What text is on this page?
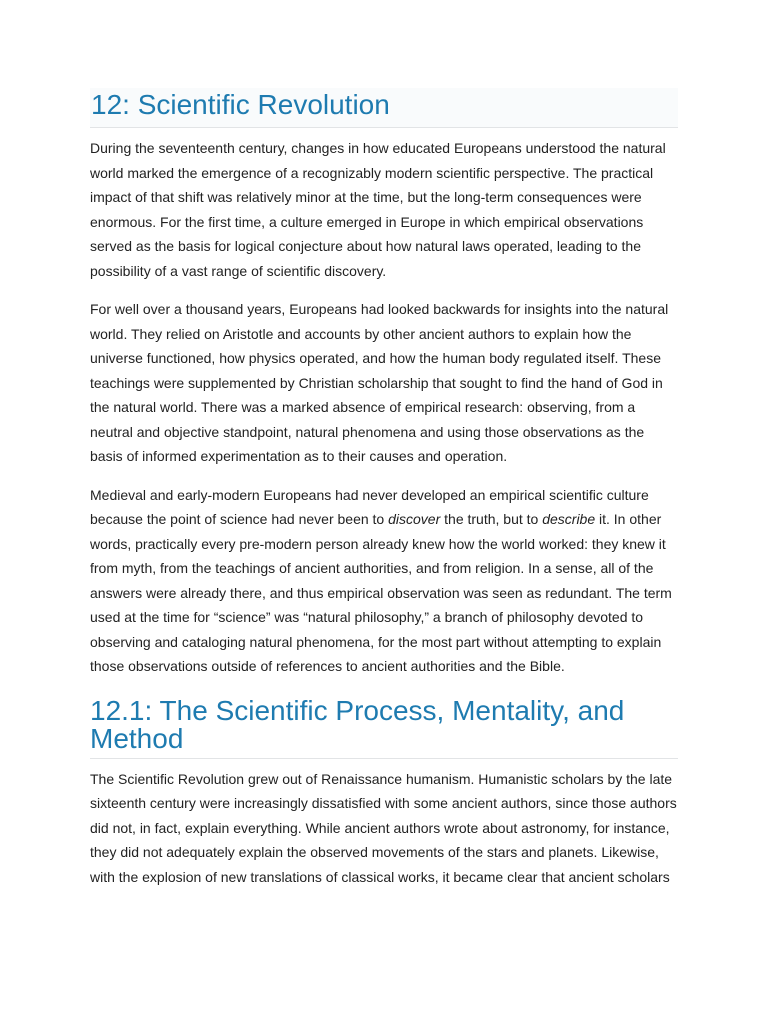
12: Scientific Revolution

During the seventeenth century, changes in how educated Europeans understood the natural world marked the emergence of a recognizably modern scientific perspective. The practical impact of that shift was relatively minor at the time, but the long-term consequences were enormous. For the first time, a culture emerged in Europe in which empirical observations served as the basis for logical conjecture about how natural laws operated, leading to the possibility of a vast range of scientific discovery.

For well over a thousand years, Europeans had looked backwards for insights into the natural world. They relied on Aristotle and accounts by other ancient authors to explain how the universe functioned, how physics operated, and how the human body regulated itself. These teachings were supplemented by Christian scholarship that sought to find the hand of God in the natural world. There was a marked absence of empirical research: observing, from a neutral and objective standpoint, natural phenomena and using those observations as the basis of informed experimentation as to their causes and operation.

Medieval and early-modern Europeans had never developed an empirical scientific culture because the point of science had never been to discover the truth, but to describe it. In other words, practically every pre-modern person already knew how the world worked: they knew it from myth, from the teachings of ancient authorities, and from religion. In a sense, all of the answers were already there, and thus empirical observation was seen as redundant. The term used at the time for “science” was “natural philosophy,” a branch of philosophy devoted to observing and cataloging natural phenomena, for the most part without attempting to explain those observations outside of references to ancient authorities and the Bible.

12.1: The Scientific Process, Mentality, and Method

The Scientific Revolution grew out of Renaissance humanism. Humanistic scholars by the late sixteenth century were increasingly dissatisfied with some ancient authors, since those authors did not, in fact, explain everything. While ancient authors wrote about astronomy, for instance, they did not adequately explain the observed movements of the stars and planets. Likewise, with the explosion of new translations of classical works, it became clear that ancient scholars
